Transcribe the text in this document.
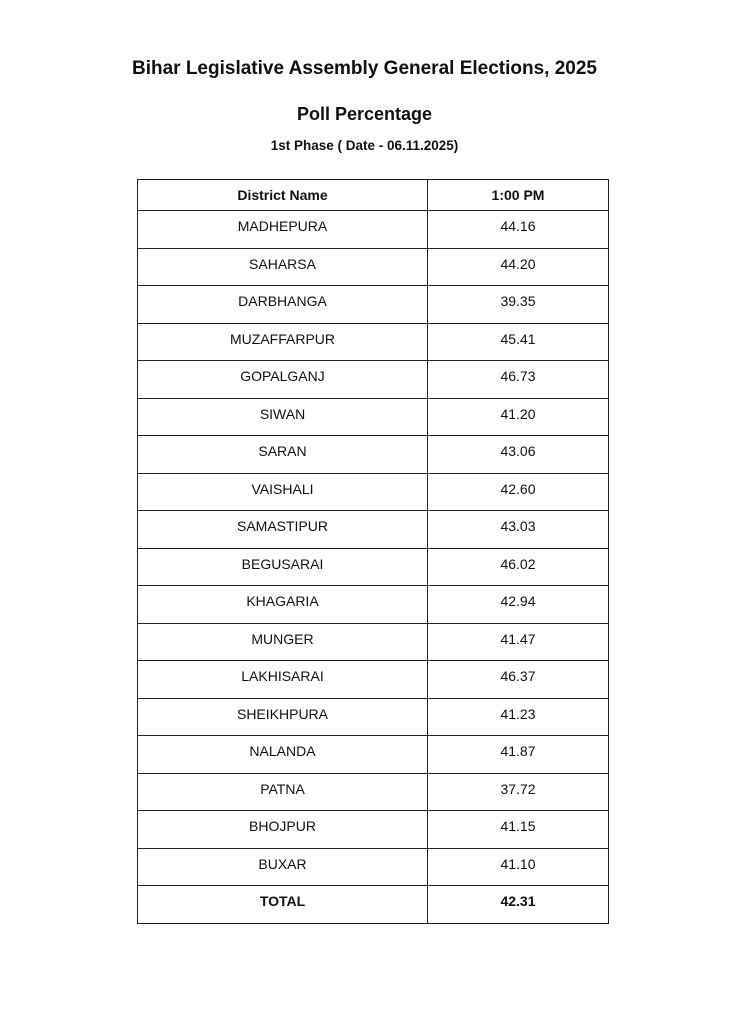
Bihar Legislative Assembly General Elections, 2025
Poll Percentage
1st Phase ( Date - 06.11.2025)
District Name	1:00 PM
MADHEPURA	44.16
SAHARSA	44.20
DARBHANGA	39.35
MUZAFFARPUR	45.41
GOPALGANJ	46.73
SIWAN	41.20
SARAN	43.06
VAISHALI	42.60
SAMASTIPUR	43.03
BEGUSARAI	46.02
KHAGARIA	42.94
MUNGER	41.47
LAKHISARAI	46.37
SHEIKHPURA	41.23
NALANDA	41.87
PATNA	37.72
BHOJPUR	41.15
BUXAR	41.10
TOTAL	42.31
